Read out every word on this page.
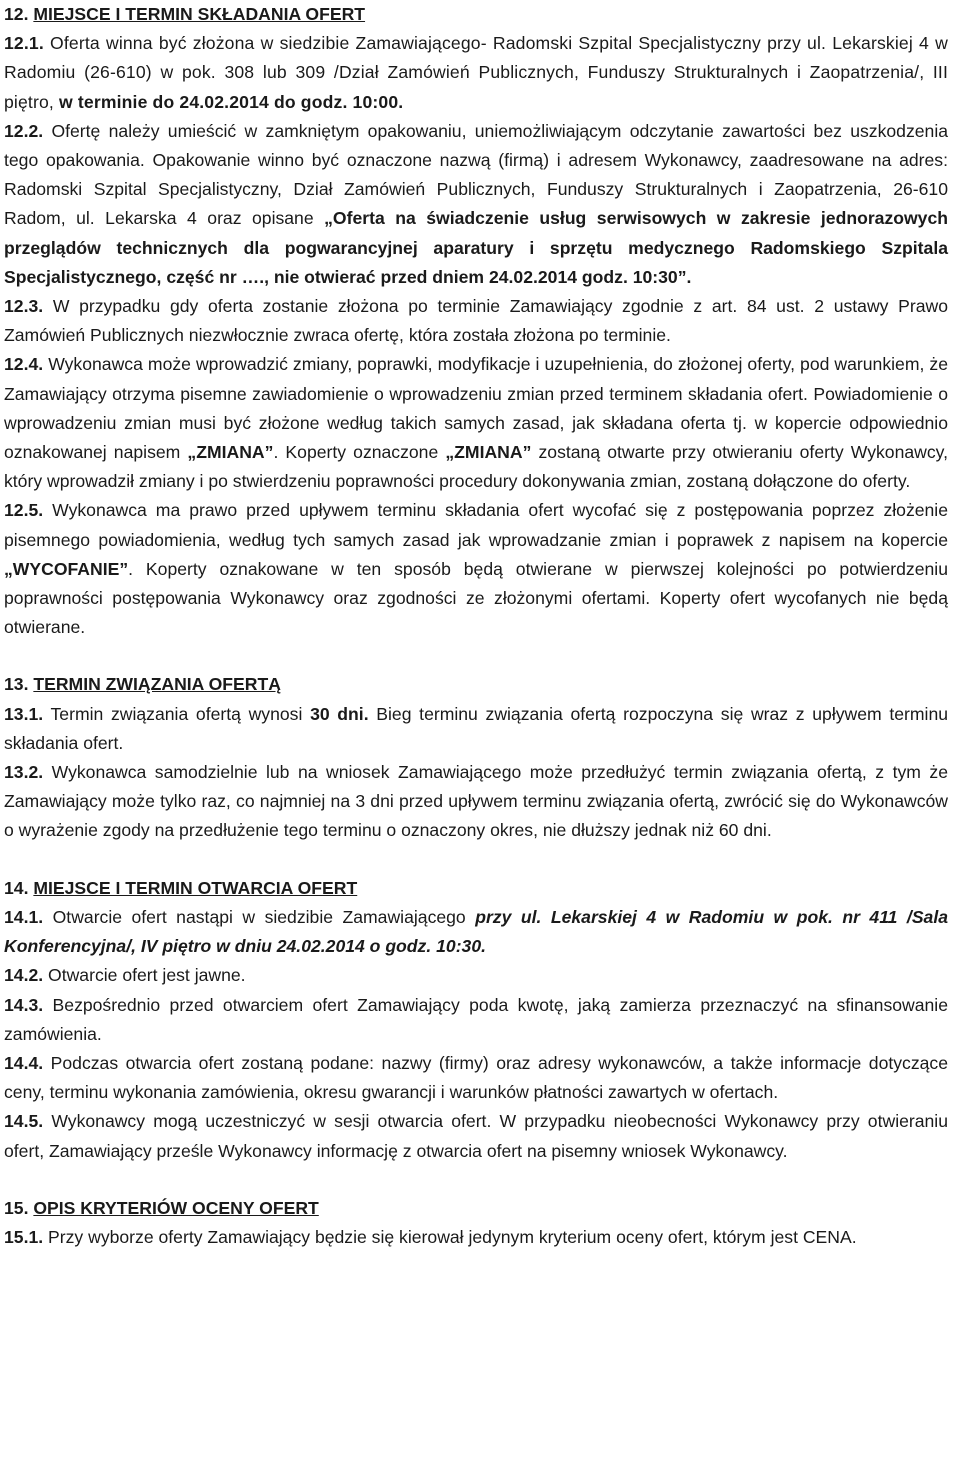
12. MIEJSCE I TERMIN SKŁADANIA OFERT

12.1. Oferta winna być złożona w siedzibie Zamawiającego- Radomski Szpital Specjalistyczny przy ul. Lekarskiej 4 w Radomiu (26-610) w pok. 308 lub 309 /Dział Zamówień Publicznych, Funduszy Strukturalnych i Zaopatrzenia/, III piętro, w terminie do 24.02.2014 do godz. 10:00.

12.2. Ofertę należy umieścić w zamkniętym opakowaniu, uniemożliwiającym odczytanie zawartości bez uszkodzenia tego opakowania. Opakowanie winno być oznaczone nazwą (firmą) i adresem Wykonawcy, zaadresowane na adres: Radomski Szpital Specjalistyczny, Dział Zamówień Publicznych, Funduszy Strukturalnych i Zaopatrzenia, 26-610 Radom, ul. Lekarska 4 oraz opisane „Oferta na świadczenie usług serwisowych w zakresie jednorazowych przeglądów technicznych dla pogwarancyjnej aparatury i sprzętu medycznego Radomskiego Szpitala Specjalistycznego, część nr …., nie otwierać przed dniem 24.02.2014 godz. 10:30”.

12.3. W przypadku gdy oferta zostanie złożona po terminie Zamawiający zgodnie z art. 84 ust. 2 ustawy Prawo Zamówień Publicznych niezwłocznie zwraca ofertę, która została złożona po terminie.

12.4. Wykonawca może wprowadzić zmiany, poprawki, modyfikacje i uzupełnienia, do złożonej oferty, pod warunkiem, że Zamawiający otrzyma pisemne zawiadomienie o wprowadzeniu zmian przed terminem składania ofert. Powiadomienie o wprowadzeniu zmian musi być złożone według takich samych zasad, jak składana oferta tj. w kopercie odpowiednio oznakowanej napisem „ZMIANA”. Koperty oznaczone „ZMIANA” zostaną otwarte przy otwieraniu oferty Wykonawcy, który wprowadził zmiany i po stwierdzeniu poprawności procedury dokonywania zmian, zostaną dołączone do oferty.

12.5. Wykonawca ma prawo przed upływem terminu składania ofert wycofać się z postępowania poprzez złożenie pisemnego powiadomienia, według tych samych zasad jak wprowadzanie zmian i poprawek z napisem na kopercie „WYCOFANIE”. Koperty oznakowane w ten sposób będą otwierane w pierwszej kolejności po potwierdzeniu poprawności postępowania Wykonawcy oraz zgodności ze złożonymi ofertami. Koperty ofert wycofanych nie będą otwierane.

13. TERMIN ZWIĄZANIA OFERTĄ

13.1. Termin związania ofertą wynosi 30 dni. Bieg terminu związania ofertą rozpoczyna się wraz z upływem terminu składania ofert.

13.2. Wykonawca samodzielnie lub na wniosek Zamawiającego może przedłużyć termin związania ofertą, z tym że Zamawiający może tylko raz, co najmniej na 3 dni przed upływem terminu związania ofertą, zwrócić się do Wykonawców o wyrażenie zgody na przedłużenie tego terminu o oznaczony okres, nie dłuższy jednak niż 60 dni.

14. MIEJSCE I TERMIN OTWARCIA OFERT

14.1. Otwarcie ofert nastąpi w siedzibie Zamawiającego przy ul. Lekarskiej 4 w Radomiu w pok. nr 411 /Sala Konferencyjna/, IV piętro w dniu 24.02.2014 o godz. 10:30.

14.2. Otwarcie ofert jest jawne.

14.3. Bezpośrednio przed otwarciem ofert Zamawiający poda kwotę, jaką zamierza przeznaczyć na sfinansowanie zamówienia.

14.4. Podczas otwarcia ofert zostaną podane: nazwy (firmy) oraz adresy wykonawców, a także informacje dotyczące ceny, terminu wykonania zamówienia, okresu gwarancji i warunków płatności zawartych w ofertach.

14.5. Wykonawcy mogą uczestniczyć w sesji otwarcia ofert. W przypadku nieobecności Wykonawcy przy otwieraniu ofert, Zamawiający prześle Wykonawcy informację z otwarcia ofert na pisemny wniosek Wykonawcy.

15. OPIS KRYTERIÓW OCENY OFERT

15.1. Przy wyborze oferty Zamawiający będzie się kierował jedynym kryterium oceny ofert, którym jest CENA.
